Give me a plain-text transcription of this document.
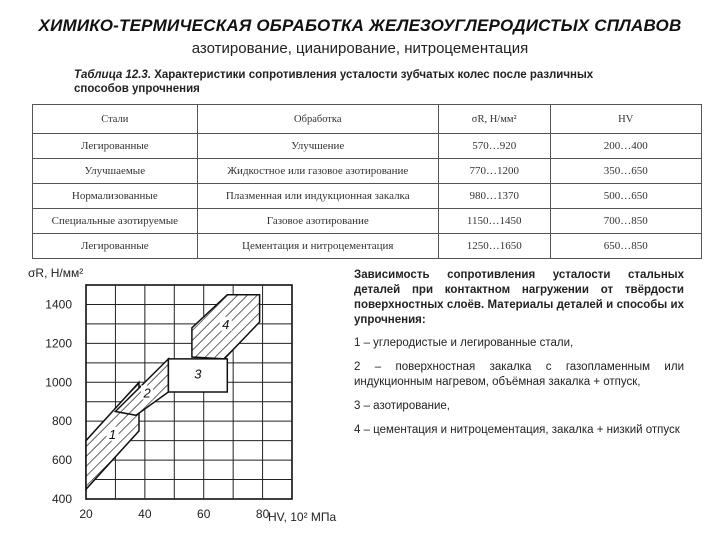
ХИМИКО-ТЕРМИЧЕСКАЯ ОБРАБОТКА ЖЕЛЕЗОУГЛЕРОДИСТЫХ СПЛАВОВ
азотирование, цианирование, нитроцементация
Таблица 12.3. Характеристики сопротивления усталости зубчатых колес после различных способов упрочнения
Стали	Обработка	σR, Н/мм²	HV
Легированные	Улучшение	570…920	200…400
Улучшаемые	Жидкостное или газовое азотирование	770…1200	350…650
Нормализованные	Плазменная или индукционная закалка	980…1370	500…650
Специальные азотируемые	Газовое азотирование	1150…1450	700…850
Легированные	Цементация и нитроцементация	1250…1650	650…850
1
2
3
4
20	40	60	80
400
600
800
1000
1200
1400
σR, Н/мм²
HV, 10² МПа
Зависимость сопротивления усталости стальных деталей при контактном нагружении от твёрдости поверхностных слоёв. Материалы деталей и способы их упрочнения:
1 – углеродистые и легированные стали,
2 – поверхностная закалка с газопламенным или индукционным нагревом, объёмная закалка + отпуск,
3 – азотирование,
4 – цементация и нитроцементация, закалка + низкий отпуск
